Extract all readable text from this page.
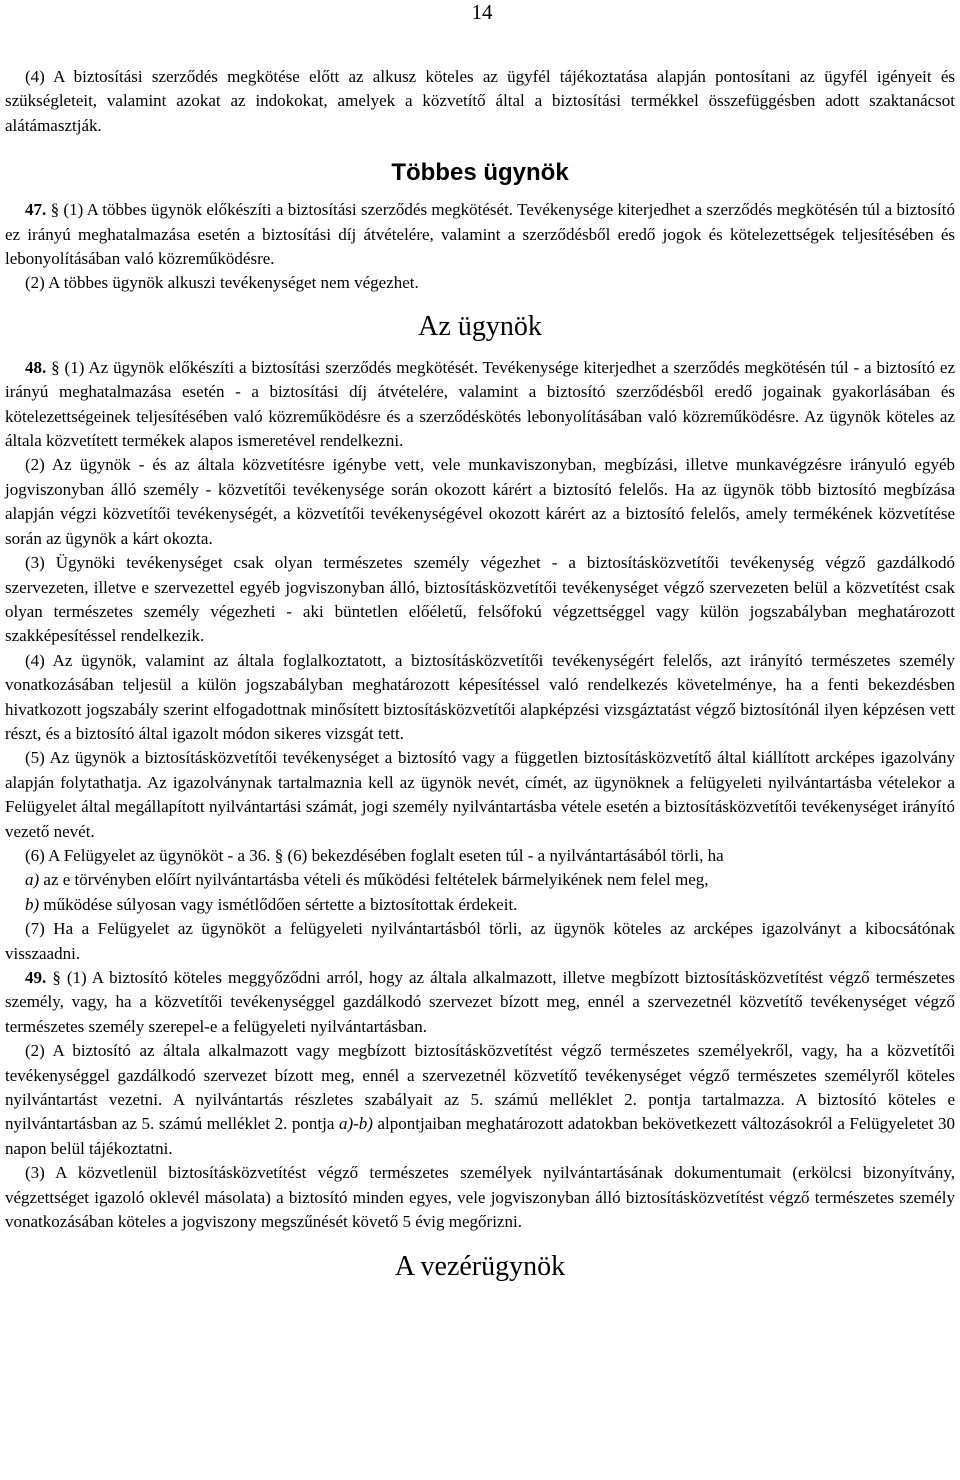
14

(4) A biztosítási szerződés megkötése előtt az alkusz köteles az ügyfél tájékoztatása alapján pontosítani az ügyfél igényeit és szükségleteit, valamint azokat az indokokat, amelyek a közvetítő által a biztosítási termékkel összefüggésben adott szaktanácsot alátámasztják.

Többes ügynök

47. § (1) A többes ügynök előkészíti a biztosítási szerződés megkötését. Tevékenysége kiterjedhet a szerződés megkötésén túl a biztosító ez irányú meghatalmazása esetén a biztosítási díj átvételére, valamint a szerződésből eredő jogok és kötelezettségek teljesítésében és lebonyolításában való közreműködésre.

(2) A többes ügynök alkuszi tevékenységet nem végezhet.

Az ügynök

48. § (1) Az ügynök előkészíti a biztosítási szerződés megkötését. Tevékenysége kiterjedhet a szerződés megkötésén túl - a biztosító ez irányú meghatalmazása esetén - a biztosítási díj átvételére, valamint a biztosító szerződésből eredő jogainak gyakorlásában és kötelezettségeinek teljesítésében való közreműködésre és a szerződéskötés lebonyolításában való közreműködésre. Az ügynök köteles az általa közvetített termékek alapos ismeretével rendelkezni.

(2) Az ügynök - és az általa közvetítésre igénybe vett, vele munkaviszonyban, megbízási, illetve munkavégzésre irányuló egyéb jogviszonyban álló személy - közvetítői tevékenysége során okozott kárért a biztosító felelős. Ha az ügynök több biztosító megbízása alapján végzi közvetítői tevékenységét, a közvetítői tevékenységével okozott kárért az a biztosító felelős, amely termékének közvetítése során az ügynök a kárt okozta.

(3) Ügynöki tevékenységet csak olyan természetes személy végezhet - a biztosításközvetítői tevékenység végző gazdálkodó szervezeten, illetve e szervezettel egyéb jogviszonyban álló, biztosításközvetítői tevékenységet végző szervezeten belül a közvetítést csak olyan természetes személy végezheti - aki büntetlen előéletű, felsőfokú végzettséggel vagy külön jogszabályban meghatározott szakképesítéssel rendelkezik.

(4) Az ügynök, valamint az általa foglalkoztatott, a biztosításközvetítői tevékenységért felelős, azt irányító természetes személy vonatkozásában teljesül a külön jogszabályban meghatározott képesítéssel való rendelkezés követelménye, ha a fenti bekezdésben hivatkozott jogszabály szerint elfogadottnak minősített biztosításközvetítői alapképzési vizsgáztatást végző biztosítónál ilyen képzésen vett részt, és a biztosító által igazolt módon sikeres vizsgát tett.

(5) Az ügynök a biztosításközvetítői tevékenységet a biztosító vagy a független biztosításközvetítő által kiállított arcképes igazolvány alapján folytathatja. Az igazolványnak tartalmaznia kell az ügynök nevét, címét, az ügynöknek a felügyeleti nyilvántartásba vételekor a Felügyelet által megállapított nyilvántartási számát, jogi személy nyilvántartásba vétele esetén a biztosításközvetítői tevékenységet irányító vezető nevét.

(6) A Felügyelet az ügynököt - a 36. § (6) bekezdésében foglalt eseten túl - a nyilvántartásából törli, ha

a) az e törvényben előírt nyilvántartásba vételi és működési feltételek bármelyikének nem felel meg,

b) működése súlyosan vagy ismétlődően sértette a biztosítottak érdekeit.

(7) Ha a Felügyelet az ügynököt a felügyeleti nyilvántartásból törli, az ügynök köteles az arcképes igazolványt a kibocsátónak visszaadni.

49. § (1) A biztosító köteles meggyőződni arról, hogy az általa alkalmazott, illetve megbízott biztosításközvetítést végző természetes személy, vagy, ha a közvetítői tevékenységgel gazdálkodó szervezet bízott meg, ennél a szervezetnél közvetítő tevékenységet végző természetes személy szerepel-e a felügyeleti nyilvántartásban.

(2) A biztosító az általa alkalmazott vagy megbízott biztosításközvetítést végző természetes személyekről, vagy, ha a közvetítői tevékenységgel gazdálkodó szervezet bízott meg, ennél a szervezetnél közvetítő tevékenységet végző természetes személyről köteles nyilvántartást vezetni. A nyilvántartás részletes szabályait az 5. számú melléklet 2. pontja tartalmazza. A biztosító köteles e nyilvántartásban az 5. számú melléklet 2. pontja a)-b) alpontjaiban meghatározott adatokban bekövetkezett változásokról a Felügyeletet 30 napon belül tájékoztatni.

(3) A közvetlenül biztosításközvetítést végző természetes személyek nyilvántartásának dokumentumait (erkölcsi bizonyítvány, végzettséget igazoló oklevél másolata) a biztosító minden egyes, vele jogviszonyban álló biztosításközvetítést végző természetes személy vonatkozásában köteles a jogviszony megszűnését követő 5 évig megőrizni.

A vezérügynök
